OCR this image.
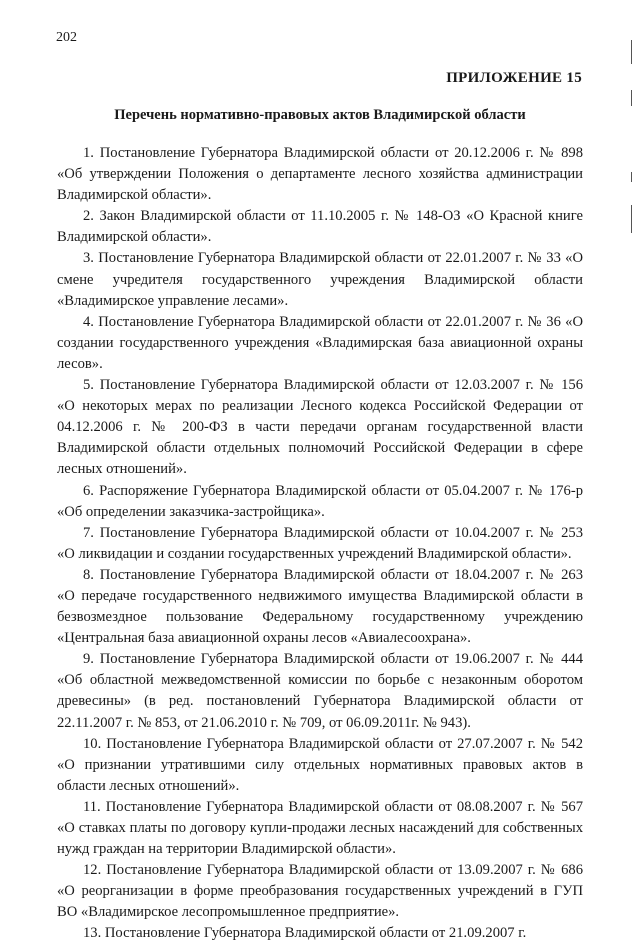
202
ПРИЛОЖЕНИЕ 15
Перечень нормативно-правовых актов Владимирской области

1. Постановление Губернатора Владимирской области от 20.12.2006 г. № 898 «Об утверждении Положения о департаменте лесного хозяйства администрации Владимирской области».

2. Закон Владимирской области от 11.10.2005 г. № 148-ОЗ «О Красной книге Владимирской области».

3. Постановление Губернатора Владимирской области от 22.01.2007 г. № 33 «О смене учредителя государственного учреждения Владимирской области «Владимирское управление лесами».

4. Постановление Губернатора Владимирской области от 22.01.2007 г. № 36 «О создании государственного учреждения «Владимирская база авиационной охраны лесов».

5. Постановление Губернатора Владимирской области от 12.03.2007 г. № 156 «О некоторых мерах по реализации Лесного кодекса Российской Федерации от 04.12.2006 г. № 200-ФЗ в части передачи органам государственной власти Владимирской области отдельных полномочий Российской Федерации в сфере лесных отношений».

6. Распоряжение Губернатора Владимирской области от 05.04.2007 г. № 176-р «Об определении заказчика-застройщика».

7. Постановление Губернатора Владимирской области от 10.04.2007 г. № 253 «О ликвидации и создании государственных учреждений Владимирской области».

8. Постановление Губернатора Владимирской области от 18.04.2007 г. № 263 «О передаче государственного недвижимого имущества Владимирской области в безвозмездное пользование Федеральному государственному учреждению «Центральная база авиационной охраны лесов «Авиалесоохрана».

9. Постановление Губернатора Владимирской области от 19.06.2007 г. № 444 «Об областной межведомственной комиссии по борьбе с незаконным оборотом древесины» (в ред. постановлений Губернатора Владимирской области от 22.11.2007 г. № 853, от 21.06.2010 г. № 709, от 06.09.2011г. № 943).

10. Постановление Губернатора Владимирской области от 27.07.2007 г. № 542 «О признании утратившими силу отдельных нормативных правовых актов в области лесных отношений».

11. Постановление Губернатора Владимирской области от 08.08.2007 г. № 567 «О ставках платы по договору купли-продажи лесных насаждений для собственных нужд граждан на территории Владимирской области».

12. Постановление Губернатора Владимирской области от 13.09.2007 г. № 686 «О реорганизации в форме преобразования государственных учреждений в ГУП ВО «Владимирское лесопромышленное предприятие».

13. Постановление Губернатора Владимирской области от 21.09.2007 г.
